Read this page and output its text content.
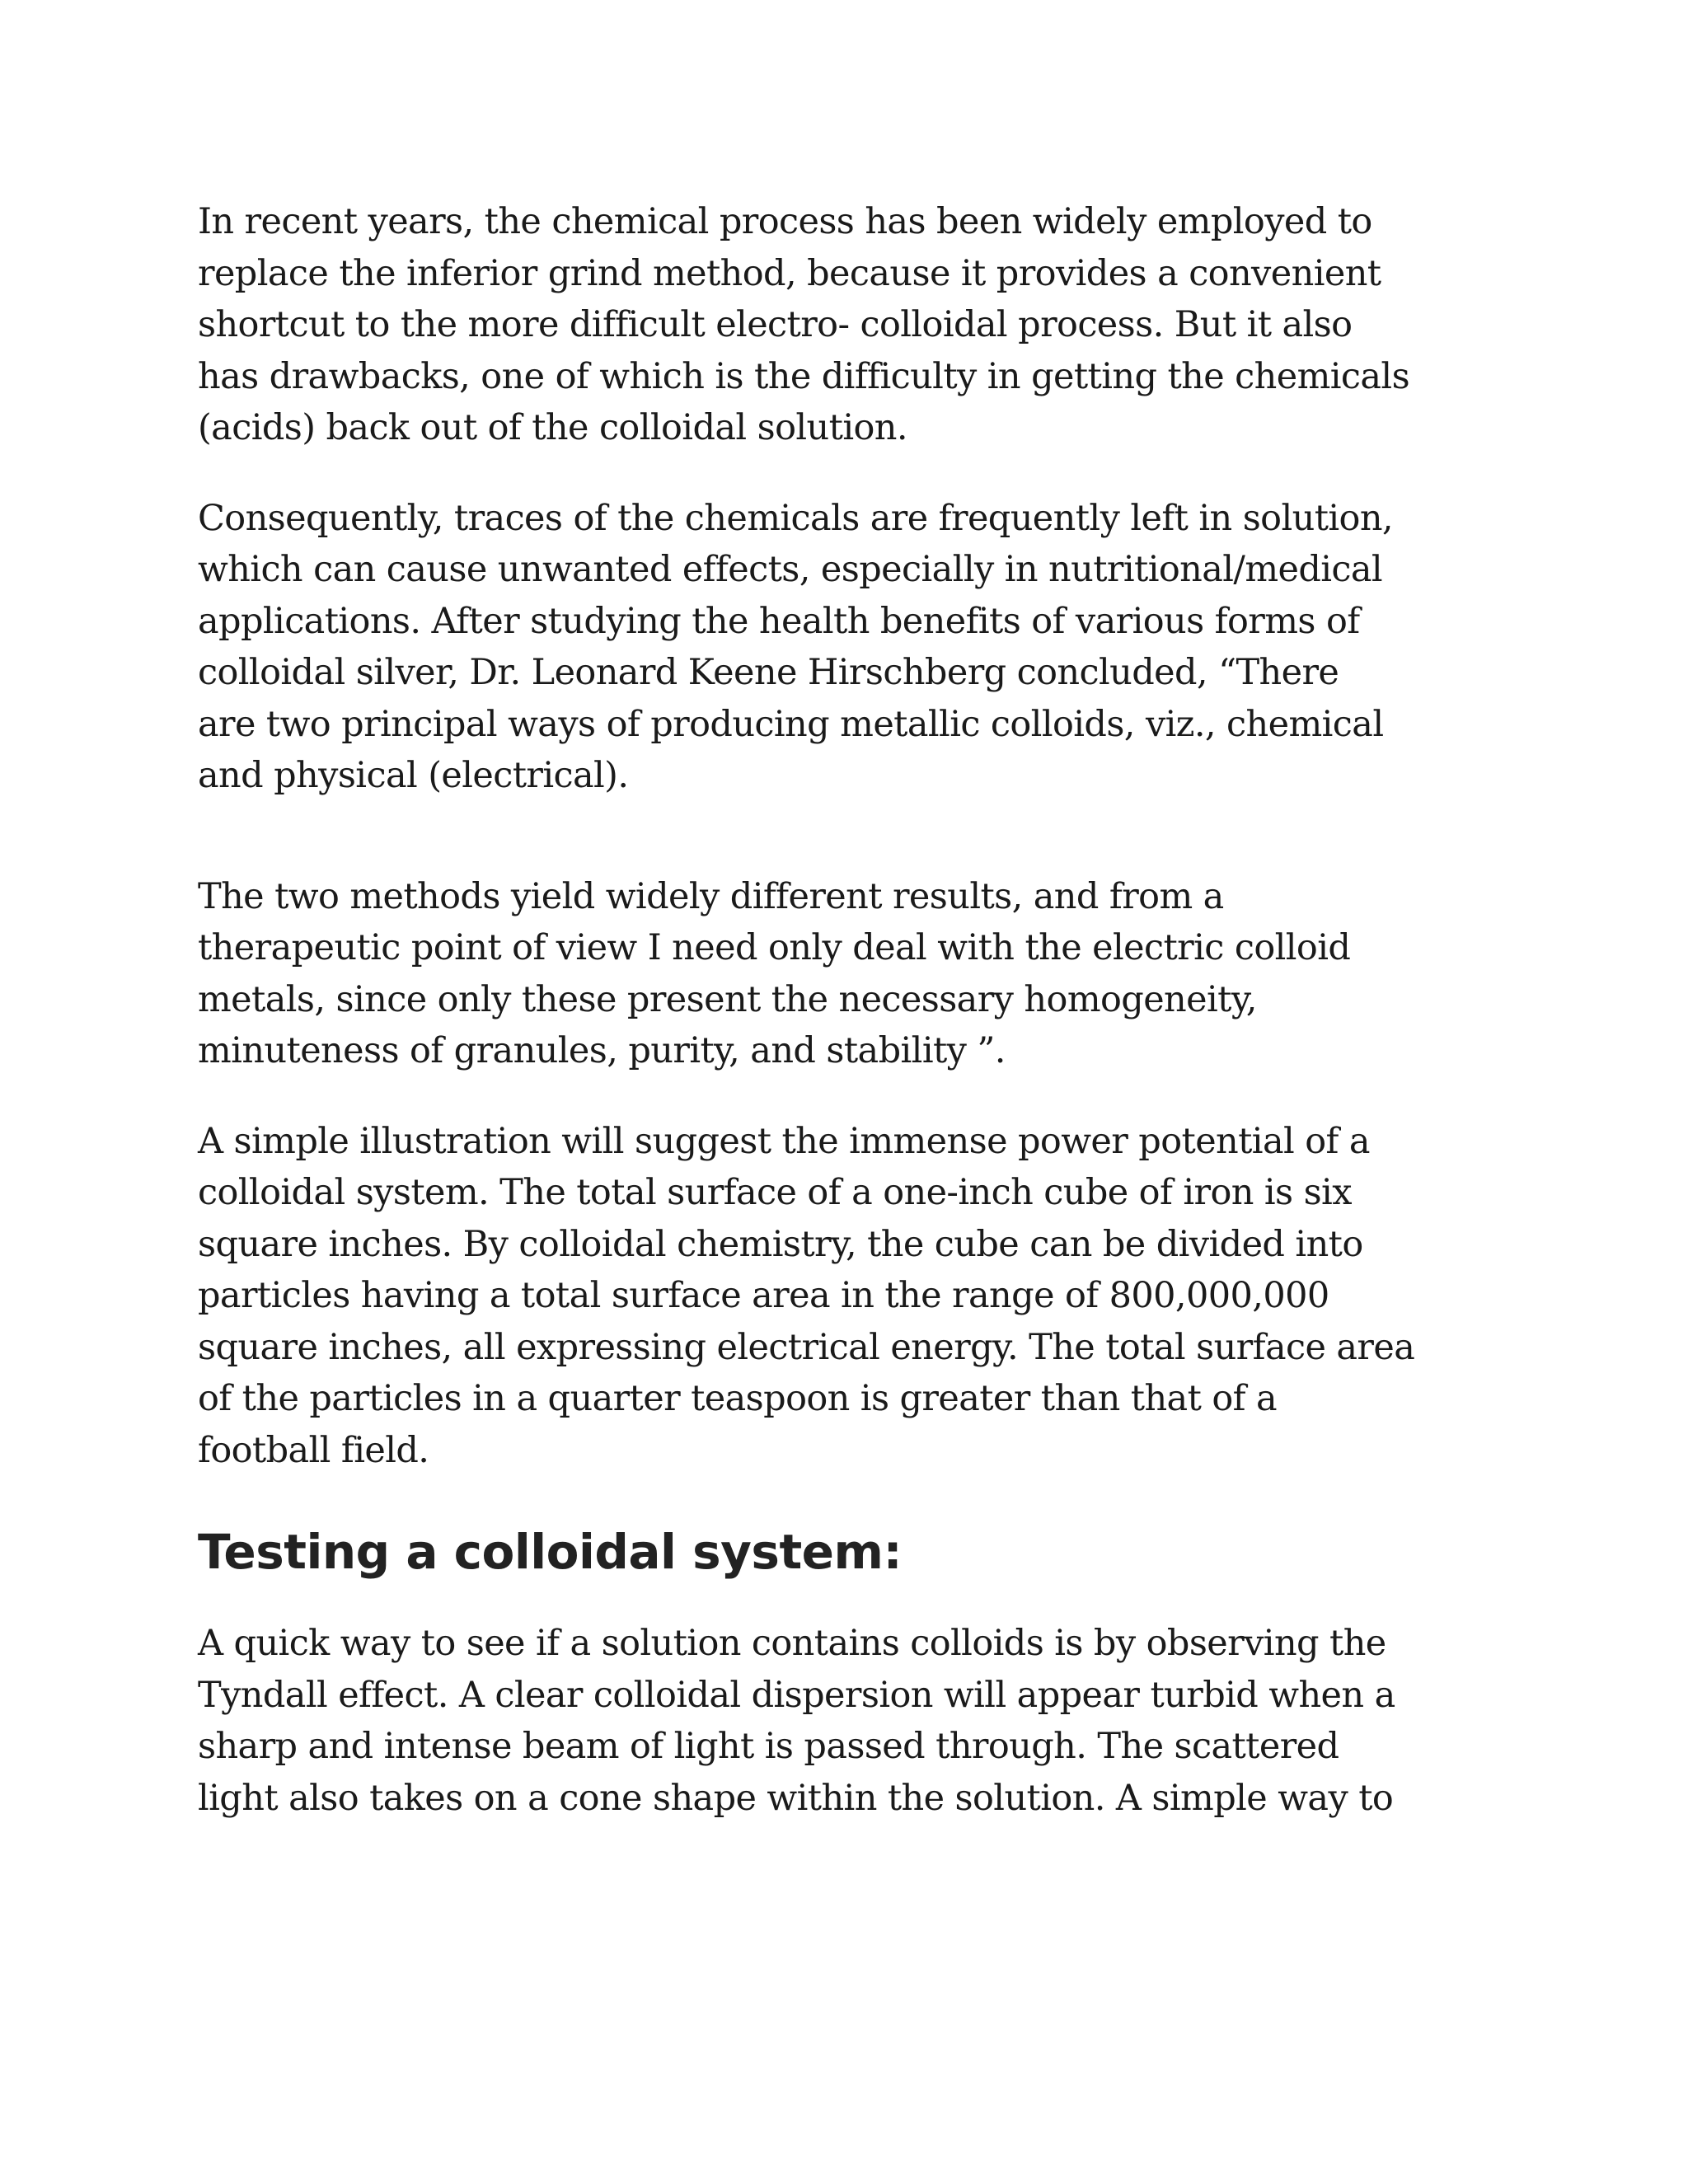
In recent years, the chemical process has been widely employed to
replace the inferior grind method, because it provides a convenient
shortcut to the more difficult electro- colloidal process. But it also
has drawbacks, one of which is the difficulty in getting the chemicals
(acids) back out of the colloidal solution.

Consequently, traces of the chemicals are frequently left in solution,
which can cause unwanted effects, especially in nutritional/medical
applications. After studying the health benefits of various forms of
colloidal silver, Dr. Leonard Keene Hirschberg concluded, “There
are two principal ways of producing metallic colloids, viz., chemical
and physical (electrical).

The two methods yield widely different results, and from a
therapeutic point of view I need only deal with the electric colloid
metals, since only these present the necessary homogeneity,
minuteness of granules, purity, and stability ”.

A simple illustration will suggest the immense power potential of a
colloidal system. The total surface of a one-inch cube of iron is six
square inches. By colloidal chemistry, the cube can be divided into
particles having a total surface area in the range of 800,000,000
square inches, all expressing electrical energy. The total surface area
of the particles in a quarter teaspoon is greater than that of a
football field.

Testing a colloidal system:

A quick way to see if a solution contains colloids is by observing the
Tyndall effect. A clear colloidal dispersion will appear turbid when a
sharp and intense beam of light is passed through. The scattered
light also takes on a cone shape within the solution. A simple way to
